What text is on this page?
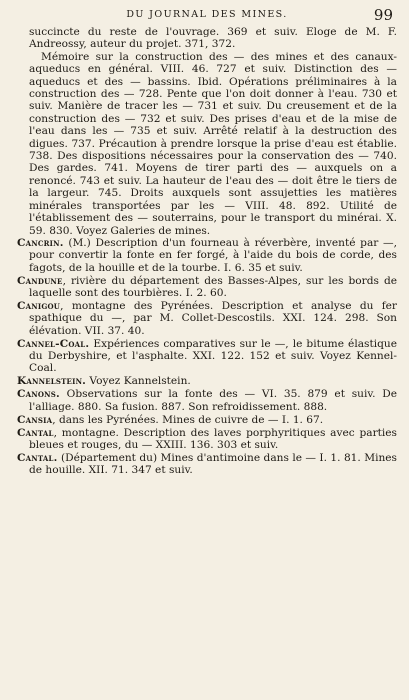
DU JOURNAL DES MINES.	99

succincte du reste de l'ouvrage. 369 et suiv. Eloge de M. F. Andreossy, auteur du projet. 371, 372.

Mémoire sur la construction des — des mines et des canaux-aqueducs en général. VIII. 46. 727 et suiv. Distinction des — aqueducs et des — bassins. Ibid. Opérations préliminaires à la construction des — 728. Pente que l'on doit donner à l'eau. 730 et suiv. Manière de tracer les — 731 et suiv. Du creusement et de la construction des — 732 et suiv. Des prises d'eau et de la mise de l'eau dans les — 735 et suiv. Arrêté relatif à la destruction des digues. 737. Précaution à prendre lorsque la prise d'eau est établie. 738. Des dispositions nécessaires pour la conservation des — 740. Des gardes. 741. Moyens de tirer parti des — auxquels on a renoncé. 743 et suiv. La hauteur de l'eau des — doit être le tiers de la largeur. 745. Droits auxquels sont assujetties les matières minérales transportées par les — VIII. 48. 892. Utilité de l'établissement des — souterrains, pour le transport du minérai. X. 59. 830. Voyez Galeries de mines.

Cancrin. (M.) Description d'un fourneau à réverbère, inventé par —, pour convertir la fonte en fer forgé, à l'aide du bois de corde, des fagots, de la houille et de la tourbe. I. 6. 35 et suiv.

Candune, rivière du département des Basses-Alpes, sur les bords de laquelle sont des tourbières. I. 2. 60.

Canigou, montagne des Pyrénées. Description et analyse du fer spathique du —, par M. Collet-Descostils. XXI. 124. 298. Son élévation. VII. 37. 40.

Cannel-Coal. Expériences comparatives sur le —, le bitume élastique du Derbyshire, et l'asphalte. XXI. 122. 152 et suiv. Voyez Kennel-Coal.

Kannelstein. Voyez Kannelstein.

Canons. Observations sur la fonte des — VI. 35. 879 et suiv. De l'alliage. 880. Sa fusion. 887. Son refroidissement. 888.

Cansia, dans les Pyrénées. Mines de cuivre de — I. 1. 67.

Cantal, montagne. Description des laves porphyritiques avec parties bleues et rouges, du — XXIII. 136. 303 et suiv.

Cantal. (Département du) Mines d'antimoine dans le — I. 1. 81. Mines de houille. XII. 71. 347 et suiv.
